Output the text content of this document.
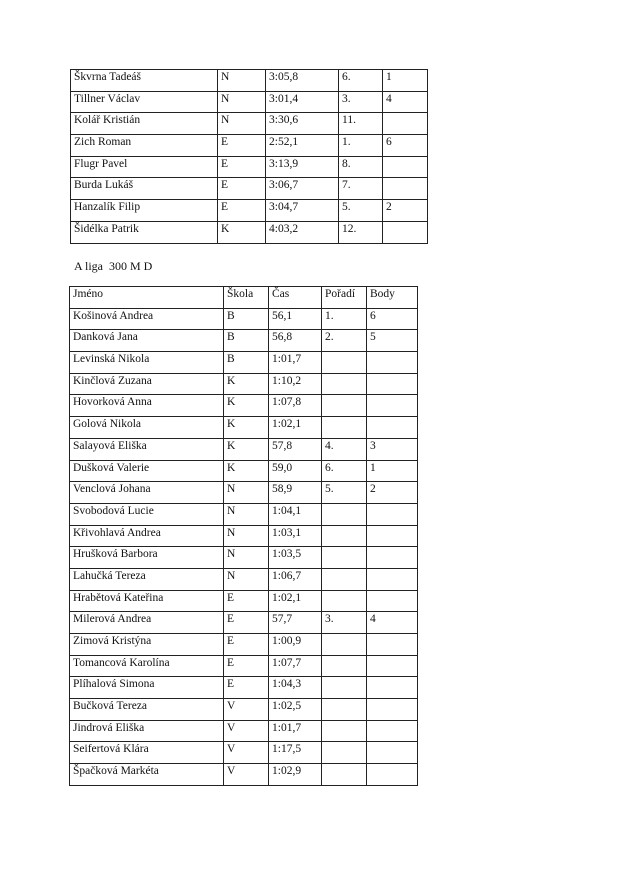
Škvrna Tadeáš	N	3:05,8	6.	1
Tillner Václav	N	3:01,4	3.	4
Kolář Kristián	N	3:30,6	11.	
Zich Roman	E	2:52,1	1.	6
Flugr Pavel	E	3:13,9	8.	
Burda Lukáš	E	3:06,7	7.	
Hanzalík Filip	E	3:04,7	5.	2
Šidélka Patrik	K	4:03,2	12.	
A liga  300 M D
Jméno	Škola	Čas	Pořadí	Body
Košinová Andrea	B	56,1	1.	6
Danková Jana	B	56,8	2.	5
Levinská Nikola	B	1:01,7		
Kinčlová Zuzana	K	1:10,2		
Hovorková Anna	K	1:07,8		
Golová Nikola	K	1:02,1		
Salayová Eliška	K	57,8	4.	3
Dušková Valerie	K	59,0	6.	1
Venclová Johana	N	58,9	5.	2
Svobodová Lucie	N	1:04,1		
Křivohlavá Andrea	N	1:03,1		
Hrušková Barbora	N	1:03,5		
Lahučká Tereza	N	1:06,7		
Hrabětová Kateřina	E	1:02,1		
Milerová Andrea	E	57,7	3.	4
Zimová Kristýna	E	1:00,9		
Tomancová Karolína	E	1:07,7		
Plíhalová Simona	E	1:04,3		
Bučková Tereza	V	1:02,5		
Jindrová Eliška	V	1:01,7		
Seifertová Klára	V	1:17,5		
Špačková Markéta	V	1:02,9		
